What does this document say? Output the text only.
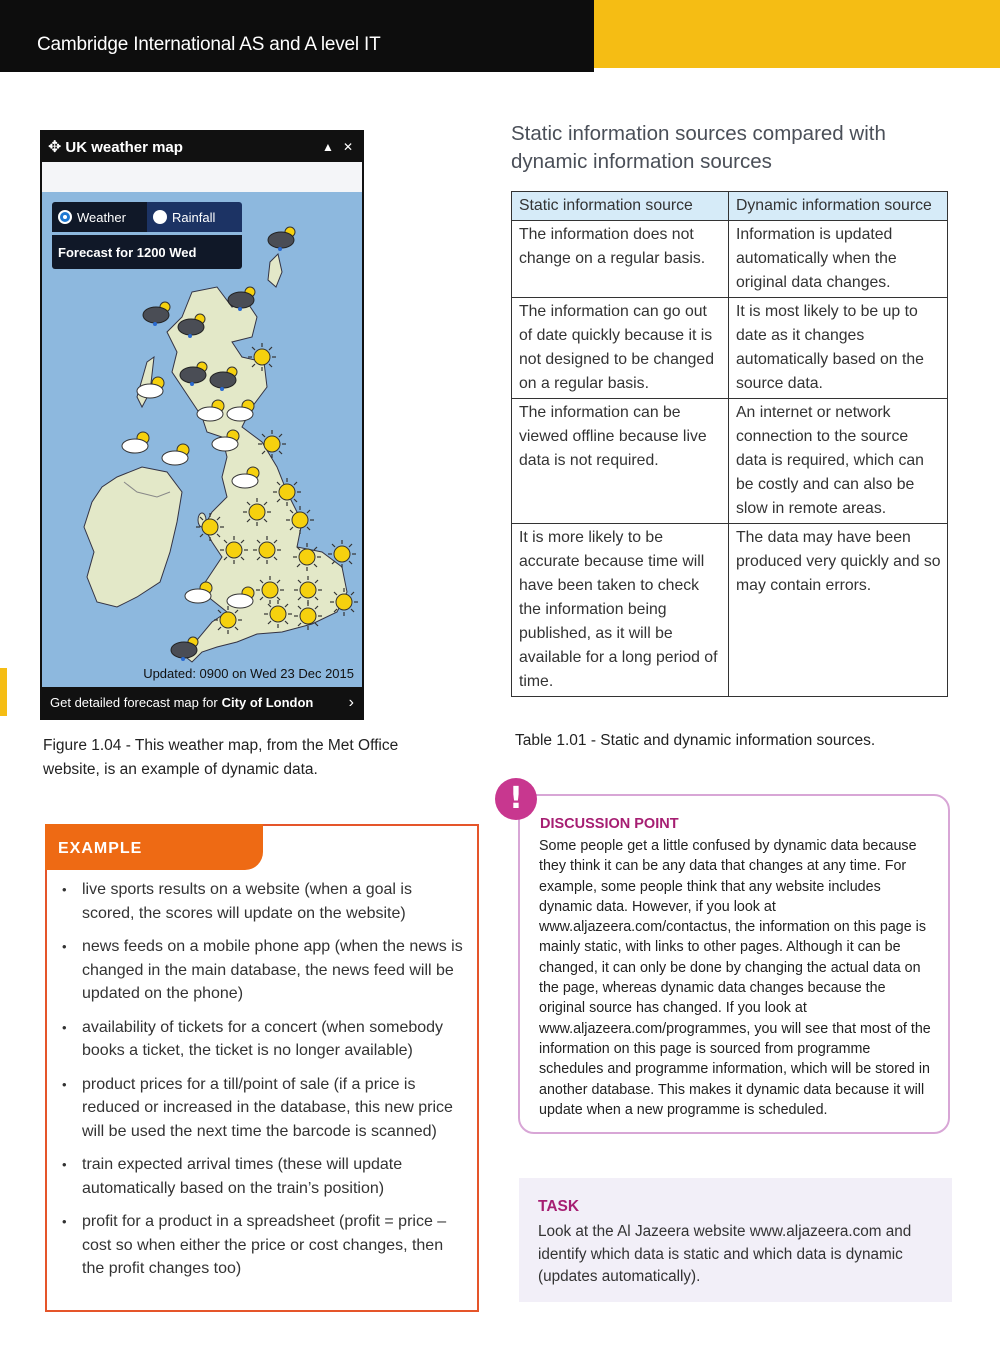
Cambridge International AS and A level IT
✥ UK weather map	▲ ✕
Weather	Rainfall
Forecast for 1200 Wed
Updated: 0900 on Wed 23 Dec 2015
Get detailed forecast map for City of London ›
Figure 1.04 - This weather map, from the Met Office website, is an example of dynamic data.
Static information sources compared with dynamic information sources
Static information source	Dynamic information source
The information does not change on a regular basis.	Information is updated automatically when the original data changes.
The information can go out of date quickly because it is not designed to be changed on a regular basis.	It is most likely to be up to date as it changes automatically based on the source data.
The information can be viewed offline because live data is not required.	An internet or network connection to the source data is required, which can be costly and can also be slow in remote areas.
It is more likely to be accurate because time will have been taken to check the information being published, as it will be available for a long period of time.	The data may have been produced very quickly and so may contain errors.
Table 1.01 - Static and dynamic information sources.
EXAMPLE
• live sports results on a website (when a goal is scored, the scores will update on the website)
• news feeds on a mobile phone app (when the news is changed in the main database, the news feed will be updated on the phone)
• availability of tickets for a concert (when somebody books a ticket, the ticket is no longer available)
• product prices for a till/point of sale (if a price is reduced or increased in the database, this new price will be used the next time the barcode is scanned)
• train expected arrival times (these will update automatically based on the train’s position)
• profit for a product in a spreadsheet (profit = price – cost so when either the price or cost changes, then the profit changes too)
!
DISCUSSION POINT
Some people get a little confused by dynamic data because they think it can be any data that changes at any time. For example, some people think that any website includes dynamic data. However, if you look at www.aljazeera.com/contactus, the information on this page is mainly static, with links to other pages. Although it can be changed, it can only be done by changing the actual data on the page, whereas dynamic data changes because the original source has changed. If you look at www.aljazeera.com/programmes, you will see that most of the information on this page is sourced from programme schedules and programme information, which will be stored in another database. This makes it dynamic data because it will update when a new programme is scheduled.
TASK
Look at the Al Jazeera website www.aljazeera.com and identify which data is static and which data is dynamic (updates automatically).
